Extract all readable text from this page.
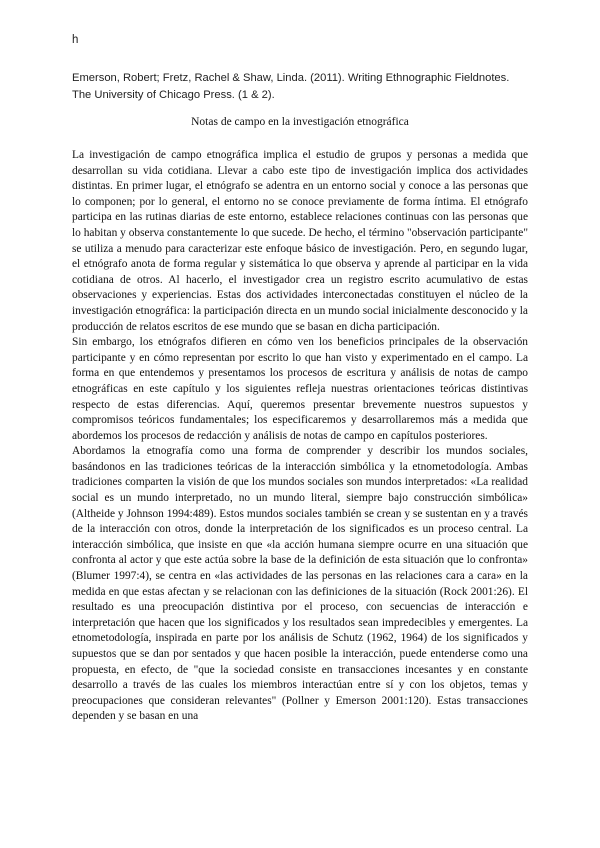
h

Emerson, Robert; Fretz, Rachel & Shaw, Linda. (2011). Writing Ethnographic Fieldnotes.

The University of Chicago Press. (1 & 2).

Notas de campo en la investigación etnográfica

La investigación de campo etnográfica implica el estudio de grupos y personas a medida que desarrollan su vida cotidiana. Llevar a cabo este tipo de investigación implica dos actividades distintas. En primer lugar, el etnógrafo se adentra en un entorno social y conoce a las personas que lo componen; por lo general, el entorno no se conoce previamente de forma íntima. El etnógrafo participa en las rutinas diarias de este entorno, establece relaciones continuas con las personas que lo habitan y observa constantemente lo que sucede. De hecho, el término "observación participante" se utiliza a menudo para caracterizar este enfoque básico de investigación. Pero, en segundo lugar, el etnógrafo anota de forma regular y sistemática lo que observa y aprende al participar en la vida cotidiana de otros. Al hacerlo, el investigador crea un registro escrito acumulativo de estas observaciones y experiencias. Estas dos actividades interconectadas constituyen el núcleo de la investigación etnográfica: la participación directa en un mundo social inicialmente desconocido y la producción de relatos escritos de ese mundo que se basan en dicha participación.

Sin embargo, los etnógrafos difieren en cómo ven los beneficios principales de la observación participante y en cómo representan por escrito lo que han visto y experimentado en el campo. La forma en que entendemos y presentamos los procesos de escritura y análisis de notas de campo etnográficas en este capítulo y los siguientes refleja nuestras orientaciones teóricas distintivas respecto de estas diferencias. Aquí, queremos presentar brevemente nuestros supuestos y compromisos teóricos fundamentales; los especificaremos y desarrollaremos más a medida que abordemos los procesos de redacción y análisis de notas de campo en capítulos posteriores.

Abordamos la etnografía como una forma de comprender y describir los mundos sociales, basándonos en las tradiciones teóricas de la interacción simbólica y la etnometodología. Ambas tradiciones comparten la visión de que los mundos sociales son mundos interpretados: «La realidad social es un mundo interpretado, no un mundo literal, siempre bajo construcción simbólica» (Altheide y Johnson 1994:489). Estos mundos sociales también se crean y se sustentan en y a través de la interacción con otros, donde la interpretación de los significados es un proceso central. La interacción simbólica, que insiste en que «la acción humana siempre ocurre en una situación que confronta al actor y que este actúa sobre la base de la definición de esta situación que lo confronta» (Blumer 1997:4), se centra en «las actividades de las personas en las relaciones cara a cara» en la medida en que estas afectan y se relacionan con las definiciones de la situación (Rock 2001:26). El resultado es una preocupación distintiva por el proceso, con secuencias de interacción e interpretación que hacen que los significados y los resultados sean impredecibles y emergentes. La etnometodología, inspirada en parte por los análisis de Schutz (1962, 1964) de los significados y supuestos que se dan por sentados y que hacen posible la interacción, puede entenderse como una propuesta, en efecto, de "que la sociedad consiste en transacciones incesantes y en constante desarrollo a través de las cuales los miembros interactúan entre sí y con los objetos, temas y preocupaciones que consideran relevantes" (Pollner y Emerson 2001:120). Estas transacciones dependen y se basan en una
